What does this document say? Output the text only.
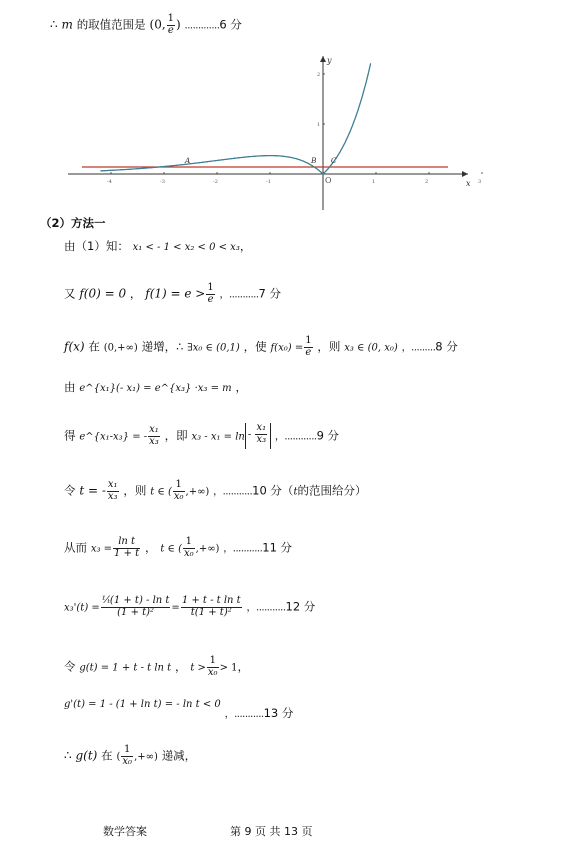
∴ m 的取值范围是 (0, $\frac{1}{e}$ ) .............6 分
x
y
-4	-3	-2	-1	O	1	2	3
1
2
A	B C
（2）方法一
由（1）知： x₁ < - 1 < x₂ < 0 < x₃，
又 f(0) = 0 ， $f(1) = e > \frac{1}{e}$ ，...........7 分
f(x) 在 (0,+∞) 递增，∴ ∃x₀ ∈ (0,1) ，使 $f(x_0) = \frac{1}{e}$ ，则 x₃ ∈ (0, x₀) ，.........8 分
由 e^{x₁}(- x₁) = e^{x₃} ·x₃ = m ，
得 e^{x₁-x₃} = - $\frac{\text{x₁}}{\text{x₃}}$ ，即 $x_3 - x_1 = \ln - \frac{\text{x₁}}{\text{x₃}}$ ，............9 分
令 t = - $\frac{\text{x₁}}{\text{x₃}}$ ，则 t ∈ ( $\frac{1}{\text{x₀}}$ ,+∞) ，...........10 分（t的范围给分）
从而 $x_3 = \frac{\text{ln t}}{1 + t}$ ， t ∈ ( $\frac{1}{\text{x₀}}$ ,+∞) ，...........11 分
$x_3'(t) = \frac{\text{¹⁄ₜ(1 + t) - ln t}}{\text{(1 + t)²}} = \frac{\text{1 + t - t ln t}}{\text{t(1 + t)²}}$ ，...........12 分
令 g(t) = 1 + t - t ln t ， $t > \frac{1}{\text{x₀}} > 1$，
g'(t) = 1 - (1 + ln t) = - ln t < 0 $_{,...........}$13 分
∴ g(t) 在 ( $\frac{1}{\text{x₀}}$ ,+∞) 递减，
数学答案	第 9 页 共 13 页
